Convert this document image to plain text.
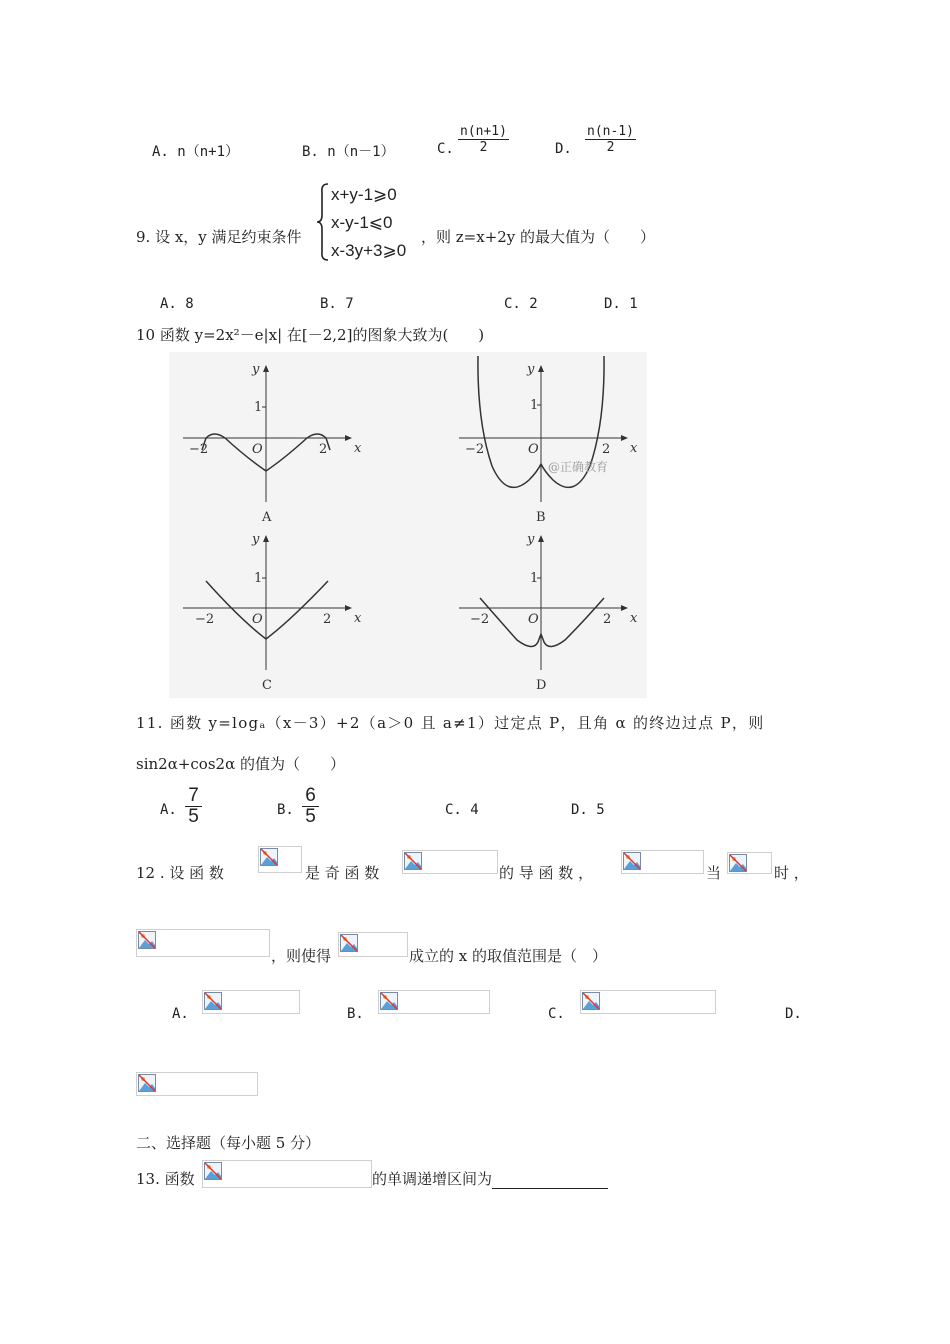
A. n（n+1）	B. n（n－1）	C. $\frac{n(n+1)}{2}$	D. $\frac{n(n-1)}{2}$
9. 设 x，y 满足约束条件
x+y-1⩾0
x-y-1⩽0
x-3y+3⩾0
，则 z=x+2y 的最大值为（　　）
A. 8	B. 7	C. 2	D. 1
10 函数 y=2x²－e|x| 在[－2,2]的图象大致为(　　)
y
x
O
−2	2
1
A
y
x
O
−2	2
1
@正确教育
B
y
x
O
−2	2
1
C
y
x
O
−2	2
1
D
11. 函数 y=logₐ（x－3）+2（a＞0 且 a≠1）过定点 P，且角 α 的终边过点 P，则
sin2α+cos2α 的值为（　　）
A. $\frac{7}{5}$	B. $\frac{6}{5}$	C. 4	D. 5
12 . 设 函 数	是 奇 函 数	的 导 函 数 ，	当	时 ，
，则使得	成立的 x 的取值范围是（　）
A.	B.	C.	D.
二、选择题（每小题 5 分）
13. 函数	的单调递增区间为
